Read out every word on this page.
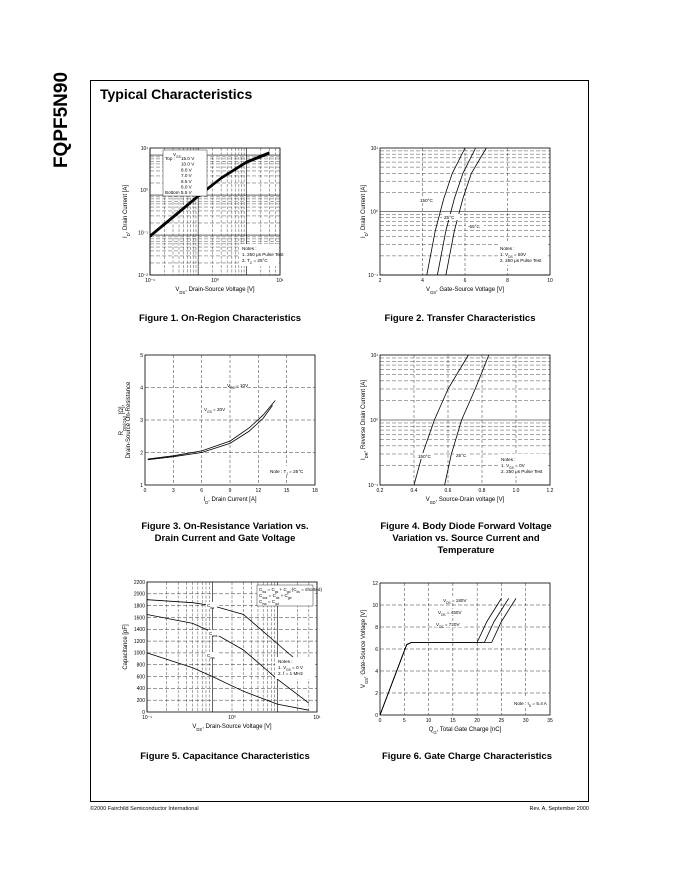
FQPF5N90 Typical Characteristics
10⁻¹	10⁰	10¹
10¹
10⁰
10⁻¹
10⁻²
$V_{DS}$, Drain-Source Voltage [V]
$I_D$, Drain Current [A]
$V_{GS}$
Top :
Bottom :
15.0 V
10.0 V
8.0 V
7.0 V
6.5 V
6.0 V
5.5 V
Notes :
1. 250 μs Pulse Test
2. $T_C = 25^\circ C$
Figure 1. On-Region Characteristics
2	4	6	8	10
10¹
10⁰
10⁻¹
$V_{GS}$, Gate-Source Voltage [V]
$I_D$, Drain Current [A]	150°C
25°C
-55°C
Notes :
1. $V_{DS} = 50V$
2. 250 μs Pulse Test
Figure 2. Transfer Characteristics
0	3	6	9	12	15	18
1
2
3
4
5
$I_D$, Drain Current [A]
$R_{DS(ON)}$ [Ω], Drain-Source On-Resistance	$V_{GS} = 10V$
$V_{GS} = 20V$
Note : $T_J = 25^\circ C$
Figure 3. On-Resistance Variation vs.
Drain Current and Gate Voltage
0.2	0.4	0.6	0.8	1.0	1.2
10¹
10⁰
10⁻¹
$V_{SD}$, Source-Drain voltage [V]
$I_{DR}$, Reverse Drain Current [A]
150°C	25°C
Notes :
1. $V_{GS} = 0V$
2. 250 μs Pulse Test
Figure 4. Body Diode Forward Voltage
Variation vs. Source Current and
Temperature
10⁻¹	10⁰	10¹
0
200
400
600
800
1000
1200
1400
1600
1800
2000
2200
$V_{DS}$, Drain-Source Voltage [V]
Capacitance [pF]
$C_{iss} = C_{gs} + C_{gd}$ ($C_{ds}$ = shorted)
$C_{oss} = C_{ds} + C_{gd}$
$C_{rss} = C_{gd}$
$C_{iss}$
$C_{oss}$
$C_{rss}$
Notes :
1. $V_{GS} = 0$ V
2. f = 1 MHz
Figure 5. Capacitance Characteristics
0	5	10	15	20	25	30	35
0
2
4
6
8
10
12
$Q_G$, Total Gate Charge [nC]
$V_{GS}$, Gate-Source Voltage [V]
$V_{DS} = 180V$
$V_{DS} = 450V$
$V_{DS} = 720V$
Note : $I_D = 5.4$ A
Figure 6. Gate Charge Characteristics
©2000 Fairchild Semiconductor International	Rev. A, September 2000
